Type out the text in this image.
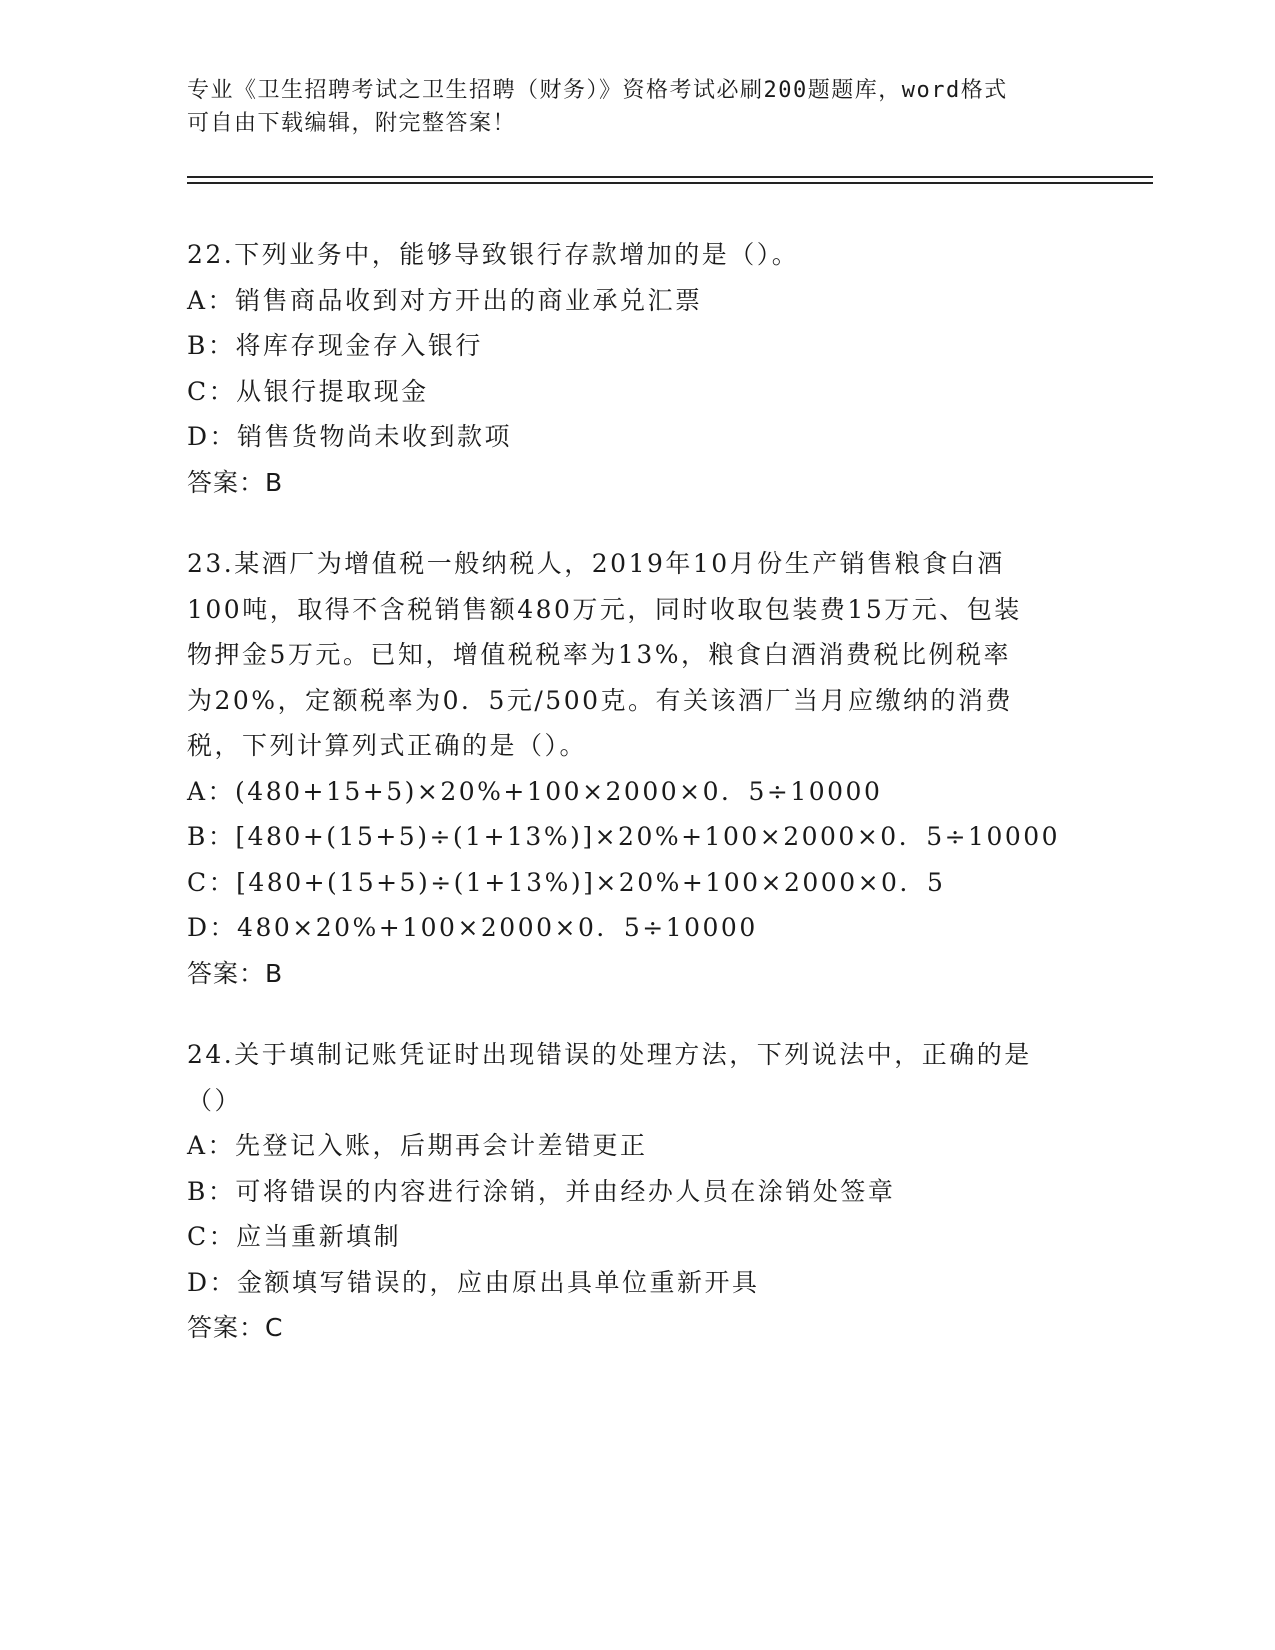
专业《卫生招聘考试之卫生招聘（财务）》资格考试必刷200题题库，word格式
可自由下载编辑，附完整答案！
22.下列业务中，能够导致银行存款增加的是（）。
A：销售商品收到对方开出的商业承兑汇票
B：将库存现金存入银行
C：从银行提取现金
D：销售货物尚未收到款项
答案：B
23.某酒厂为增值税一般纳税人，2019年10月份生产销售粮食白酒
100吨，取得不含税销售额480万元，同时收取包装费15万元、包装
物押金5万元。已知，增值税税率为13%，粮食白酒消费税比例税率
为20%，定额税率为0．5元/500克。有关该酒厂当月应缴纳的消费
税，下列计算列式正确的是（）。
A：(480+15+5)×20%+100×2000×0．5÷10000
B：[480+(15+5)÷(1+13%)]×20%+100×2000×0．5÷10000
C：[480+(15+5)÷(1+13%)]×20%+100×2000×0．5
D：480×20%+100×2000×0．5÷10000
答案：B
24.关于填制记账凭证时出现错误的处理方法，下列说法中，正确的是
（）
A：先登记入账，后期再会计差错更正
B：可将错误的内容进行涂销，并由经办人员在涂销处签章
C：应当重新填制
D：金额填写错误的，应由原出具单位重新开具
答案：C
